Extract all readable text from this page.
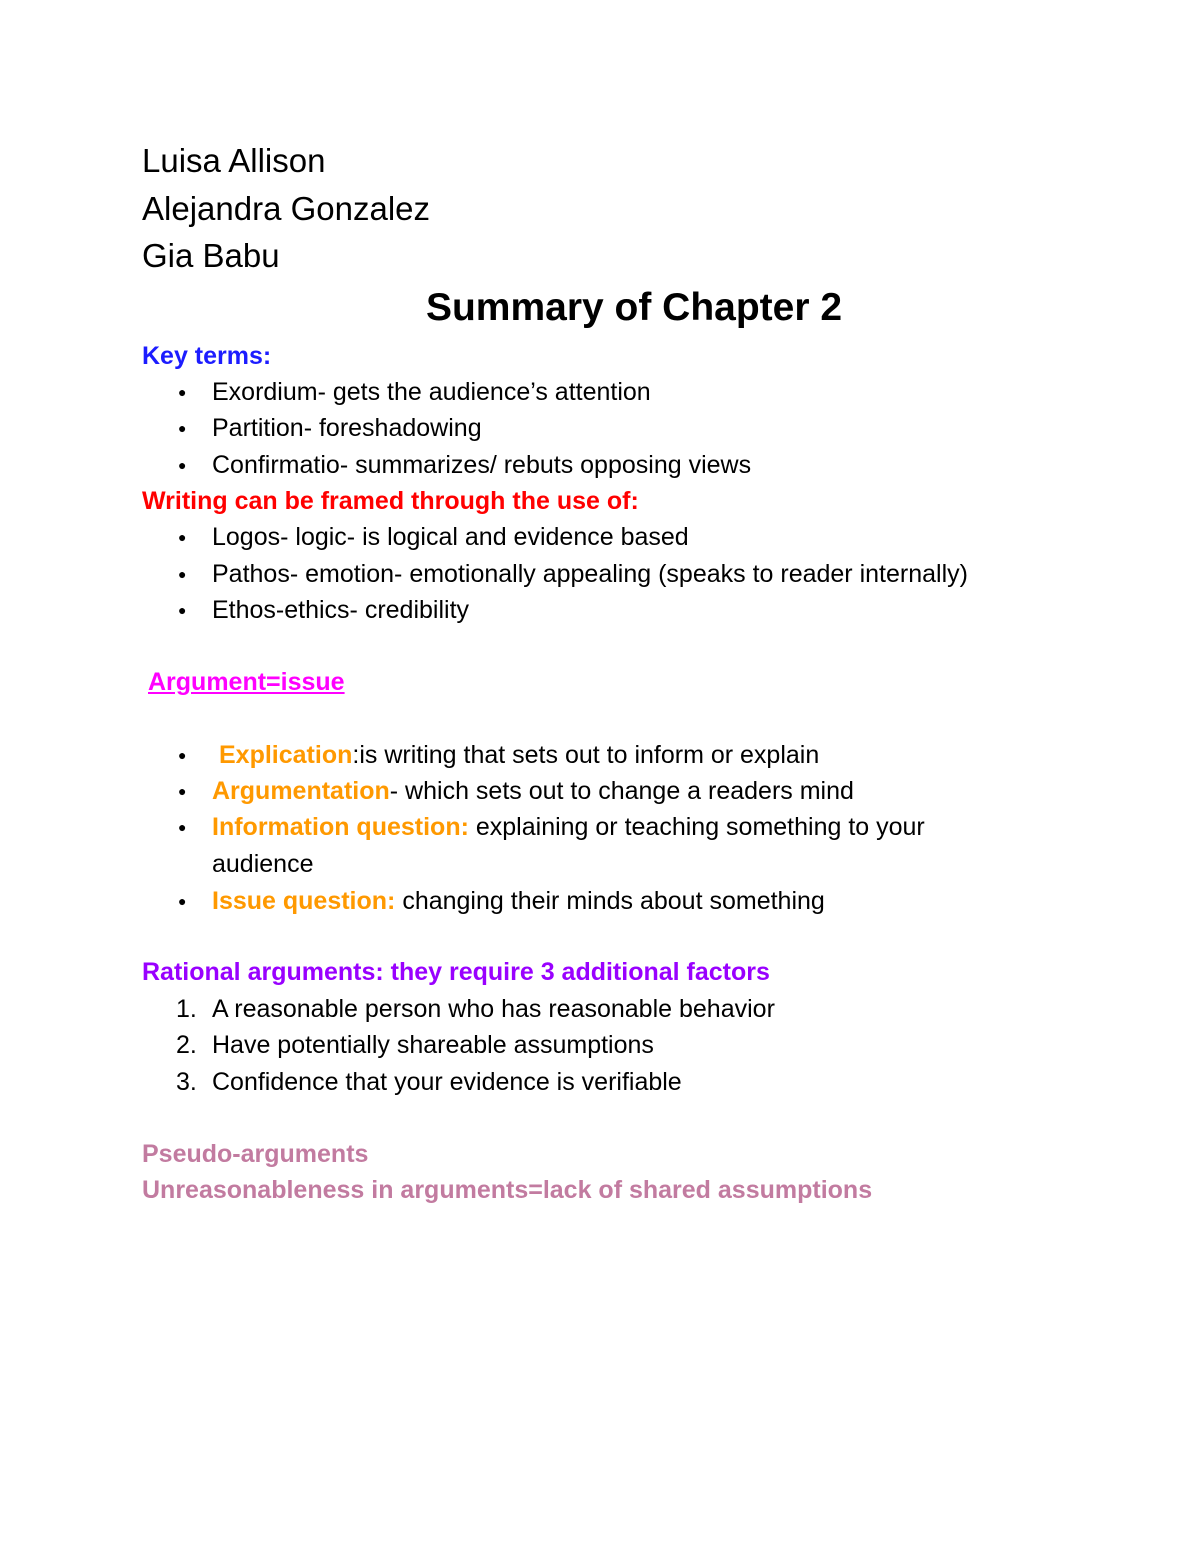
Luisa Allison

Alejandra Gonzalez

Gia Babu

Summary of Chapter 2

Key terms:

● Exordium- gets the audience’s attention
● Partition- foreshadowing
● Confirmatio- summarizes/ rebuts opposing views

Writing can be framed through the use of:

● Logos- logic- is logical and evidence based
● Pathos- emotion- emotionally appealing (speaks to reader internally)
● Ethos-ethics- credibility

Argument=issue

● Explication:is writing that sets out to inform or explain
● Argumentation- which sets out to change a readers mind
● Information question: explaining or teaching something to your
audience
● Issue question: changing their minds about something

Rational arguments: they require 3 additional factors

1. A reasonable person who has reasonable behavior
2. Have potentially shareable assumptions
3. Confidence that your evidence is verifiable

Pseudo-arguments

Unreasonableness in arguments=lack of shared assumptions
